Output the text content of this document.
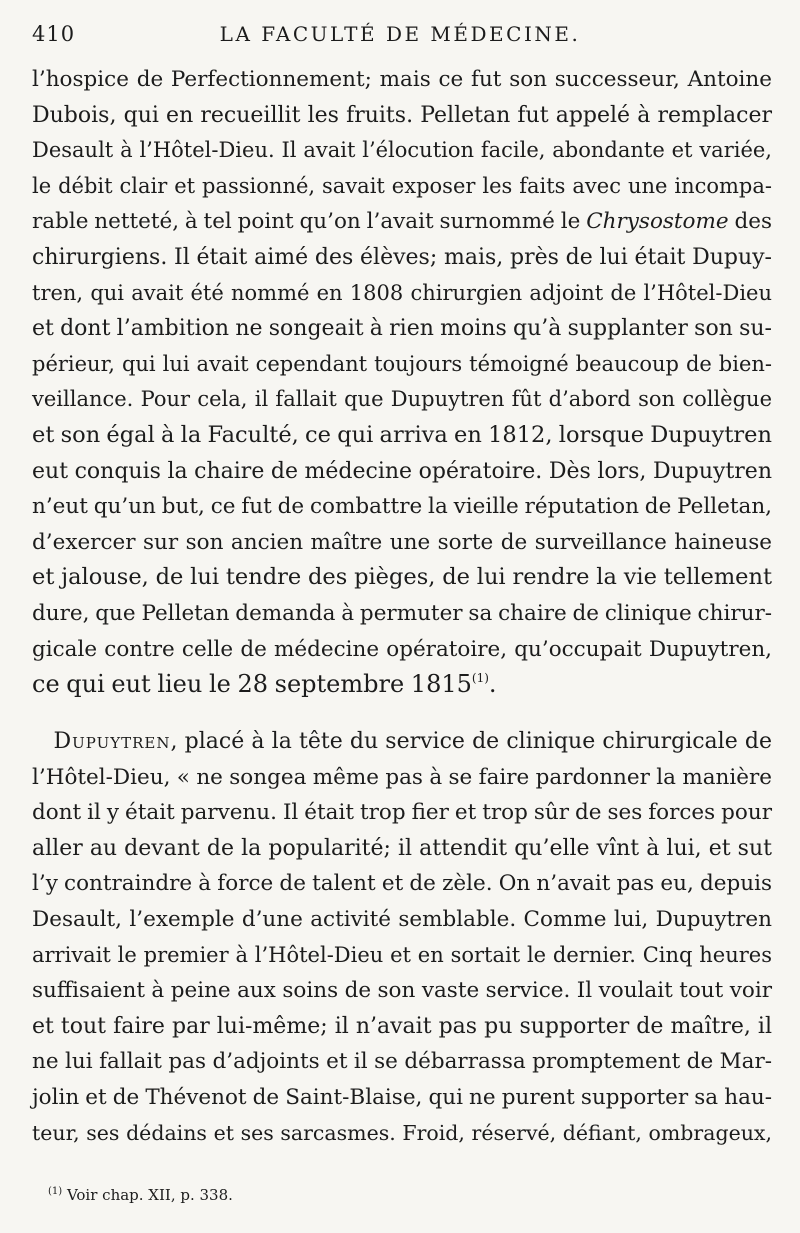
410	LA FACULTÉ DE MÉDECINE.
l’hospice de Perfectionnement; mais ce fut son successeur, Antoine
Dubois, qui en recueillit les fruits. Pelletan fut appelé à remplacer
Desault à l’Hôtel-Dieu. Il avait l’élocution facile, abondante et variée,
le débit clair et passionné, savait exposer les faits avec une incompa-
rable netteté, à tel point qu’on l’avait surnommé le Chrysostome des
chirurgiens. Il était aimé des élèves; mais, près de lui était Dupuy-
tren, qui avait été nommé en 1808 chirurgien adjoint de l’Hôtel-Dieu
et dont l’ambition ne songeait à rien moins qu’à supplanter son su-
périeur, qui lui avait cependant toujours témoigné beaucoup de bien-
veillance. Pour cela, il fallait que Dupuytren fût d’abord son collègue
et son égal à la Faculté, ce qui arriva en 1812, lorsque Dupuytren
eut conquis la chaire de médecine opératoire. Dès lors, Dupuytren
n’eut qu’un but, ce fut de combattre la vieille réputation de Pelletan,
d’exercer sur son ancien maître une sorte de surveillance haineuse
et jalouse, de lui tendre des pièges, de lui rendre la vie tellement
dure, que Pelletan demanda à permuter sa chaire de clinique chirur-
gicale contre celle de médecine opératoire, qu’occupait Dupuytren,
ce qui eut lieu le 28 septembre 1815$^{(1)}$.
Dupuytren, placé à la tête du service de clinique chirurgicale de
l’Hôtel-Dieu, « ne songea même pas à se faire pardonner la manière
dont il y était parvenu. Il était trop fier et trop sûr de ses forces pour
aller au devant de la popularité; il attendit qu’elle vînt à lui, et sut
l’y contraindre à force de talent et de zèle. On n’avait pas eu, depuis
Desault, l’exemple d’une activité semblable. Comme lui, Dupuytren
arrivait le premier à l’Hôtel-Dieu et en sortait le dernier. Cinq heures
suffisaient à peine aux soins de son vaste service. Il voulait tout voir
et tout faire par lui-même; il n’avait pas pu supporter de maître, il
ne lui fallait pas d’adjoints et il se débarrassa promptement de Mar-
jolin et de Thévenot de Saint-Blaise, qui ne purent supporter sa hau-
teur, ses dédains et ses sarcasmes. Froid, réservé, défiant, ombrageux,
$^{(1)}$ Voir chap. XII, p. 338.
